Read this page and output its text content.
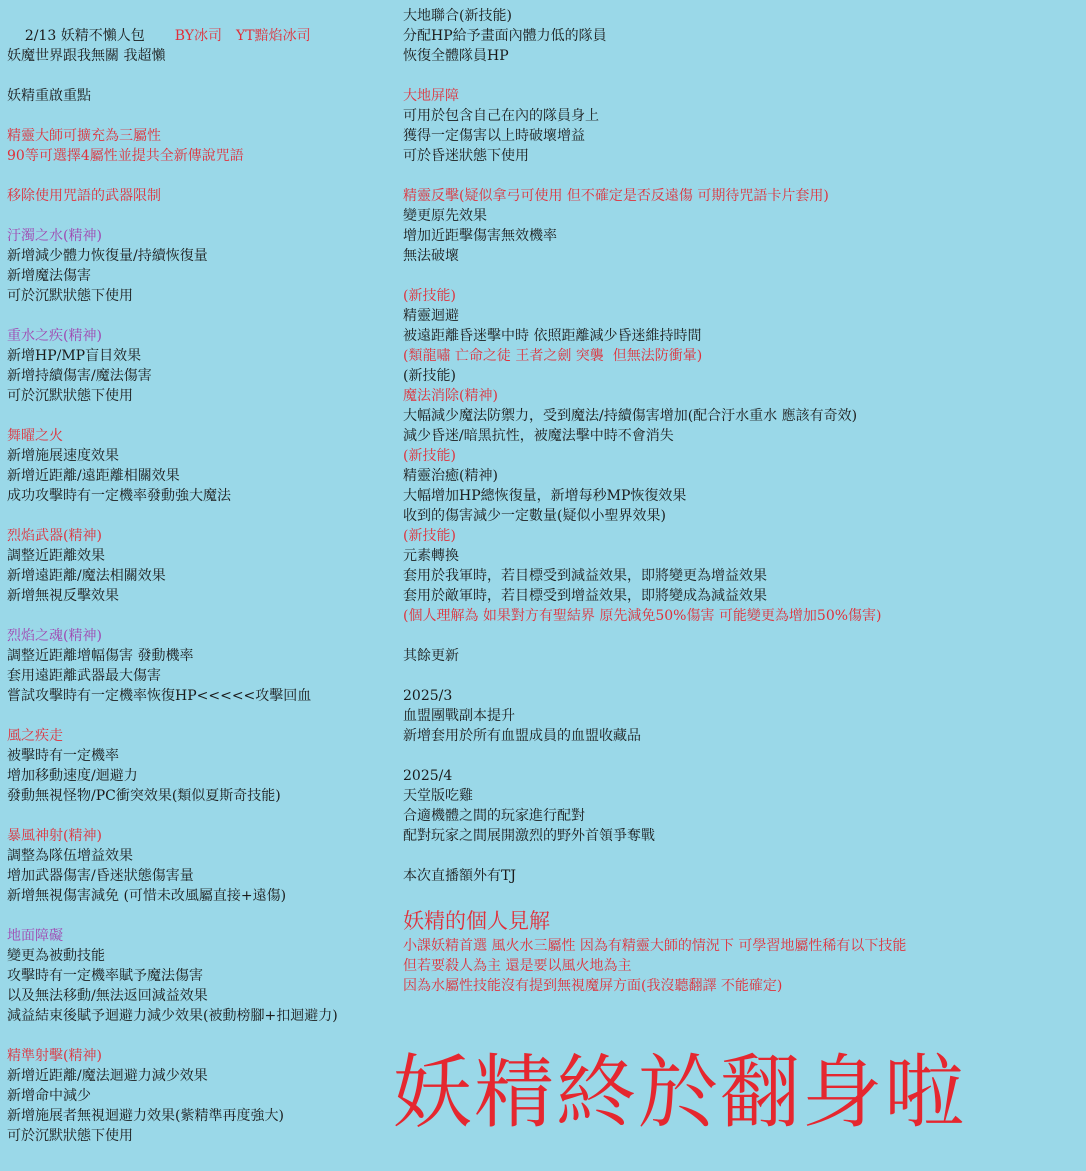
2/13 妖精不懶人包 BY冰司 YT黯焰冰司

妖魔世界跟我無關 我超懶
妖精重啟重點
精靈大師可擴充為三屬性
90等可選擇4屬性並提共全新傳說咒語
移除使用咒語的武器限制
汙濁之水(精神)
新增減少體力恢復量/持續恢復量
新增魔法傷害
可於沉默狀態下使用
重水之疾(精神)
新增HP/MP盲目效果
新增持續傷害/魔法傷害
可於沉默狀態下使用
舞曜之火
新增施展速度效果
新增近距離/遠距離相關效果
成功攻擊時有一定機率發動強大魔法
烈焰武器(精神)
調整近距離效果
新增遠距離/魔法相關效果
新增無視反擊效果
烈焰之魂(精神)
調整近距離增幅傷害 發動機率
套用遠距離武器最大傷害
嘗試攻擊時有一定機率恢復HP<<<<<攻擊回血
風之疾走
被擊時有一定機率
增加移動速度/迴避力
發動無視怪物/PC衝突效果(類似夏斯奇技能)
暴風神射(精神)
調整為隊伍增益效果
增加武器傷害/昏迷狀態傷害量
新增無視傷害減免 (可惜未改風屬直接+遠傷)
地面障礙
變更為被動技能
攻擊時有一定機率賦予魔法傷害
以及無法移動/無法返回減益效果
減益結束後賦予迴避力減少效果(被動榜腳+扣迴避力)
精準射擊(精神)
新增近距離/魔法迴避力減少效果
新增命中減少
新增施展者無視迴避力效果(紫精準再度強大)
可於沉默狀態下使用
大地聯合(新技能)
分配HP給予畫面內體力低的隊員
恢復全體隊員HP
大地屏障
可用於包含自己在內的隊員身上
獲得一定傷害以上時破壞增益
可於昏迷狀態下使用
精靈反擊(疑似拿弓可使用 但不確定是否反遠傷 可期待咒語卡片套用)
變更原先效果
增加近距擊傷害無效機率
無法破壞
(新技能)
精靈迴避
被遠距離昏迷擊中時 依照距離減少昏迷維持時間
(類龍嘯 亡命之徒 王者之劍 突襲  但無法防衝暈)
(新技能)
魔法消除(精神)
大幅減少魔法防禦力，受到魔法/持續傷害增加(配合汙水重水 應該有奇效)
減少昏迷/暗黑抗性，被魔法擊中時不會消失
(新技能)
精靈治癒(精神)
大幅增加HP總恢復量，新增每秒MP恢復效果
收到的傷害減少一定數量(疑似小聖界效果)
(新技能)
元素轉換
套用於我軍時，若目標受到減益效果，即將變更為增益效果
套用於敵軍時，若目標受到增益效果，即將變成為減益效果
(個人理解為 如果對方有聖結界 原先減免50%傷害 可能變更為增加50%傷害)
其餘更新
2025/3
血盟團戰副本提升
新增套用於所有血盟成員的血盟收藏品
2025/4
天堂版吃雞
合適機體之間的玩家進行配對
配對玩家之間展開激烈的野外首領爭奪戰
本次直播額外有TJ
妖精的個人見解
小課妖精首選 風火水三屬性 因為有精靈大師的情況下 可學習地屬性稀有以下技能
但若要殺人為主 還是要以風火地為主
因為水屬性技能沒有提到無視魔屏方面(我沒聽翻譯 不能確定)
妖精終於翻身啦
